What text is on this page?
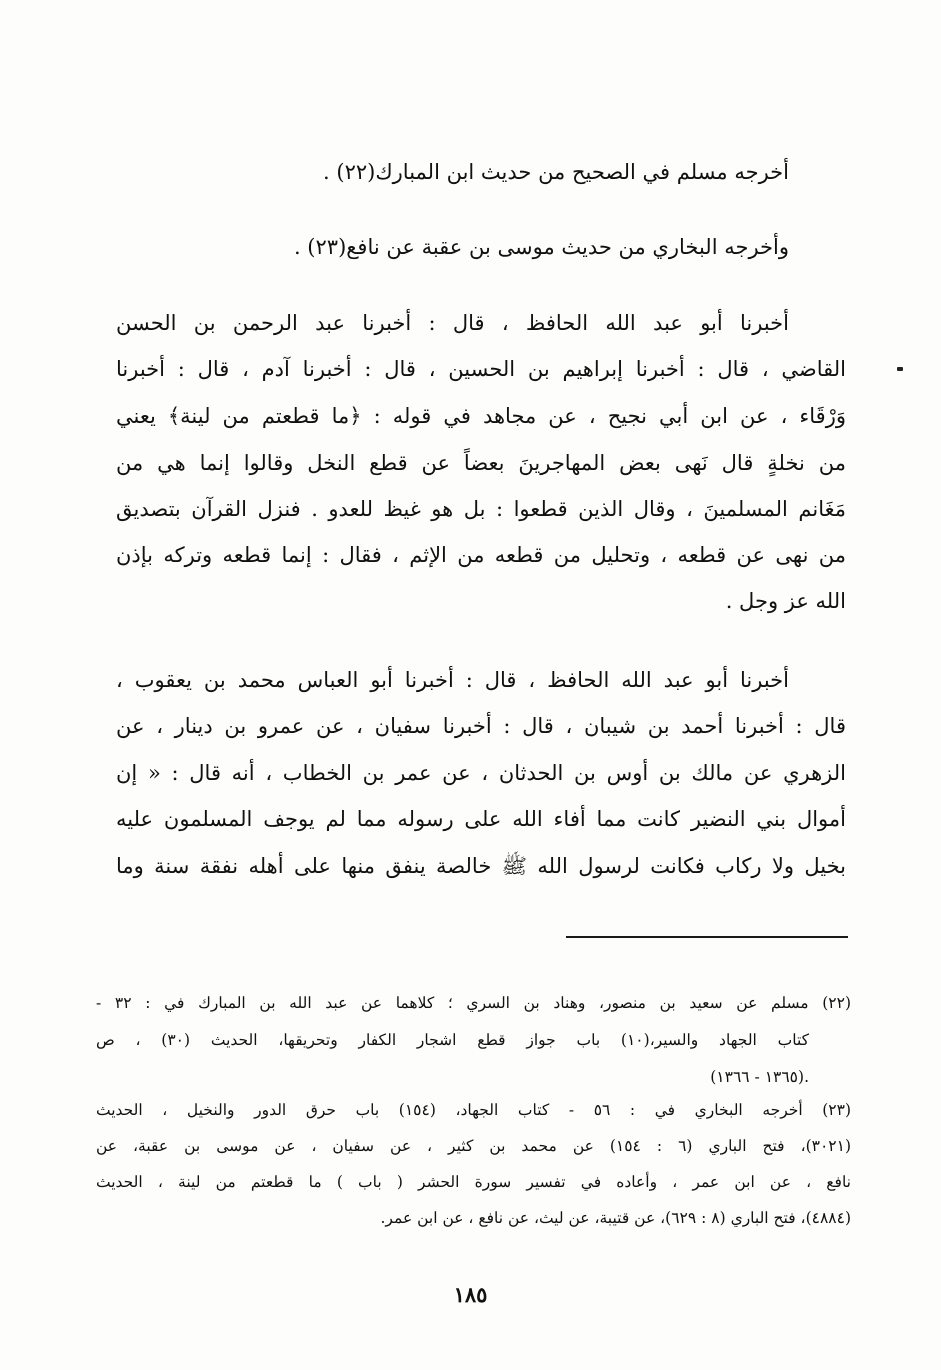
أخرجه مسلم في الصحيح من حديث ابن المبارك(٢٢) .
وأخرجه البخاري من حديث موسى بن عقبة عن نافع(٢٣) .
أخبرنا أبو عبد الله الحافظ ، قال : أخبرنا عبد الرحمن بن الحسن
القاضي ، قال : أخبرنا إبراهيم بن الحسين ، قال : أخبرنا آدم ، قال : أخبرنا
وَرْقَاء ، عن ابن أبي نجيح ، عن مجاهد في قوله : ﴿ما قطعتم من لينة﴾ يعني
من نخلةٍ قال نَهى بعض المهاجرينَ بعضاً عن قطع النخل وقالوا إنما هي من
مَغَانم المسلمينَ ، وقال الذين قطعوا : بل هو غيظ للعدو . فنزل القرآن بتصديق
من نهى عن قطعه ، وتحليل من قطعه من الإثم ، فقال : إنما قطعه وتركه بإذن
الله عز وجل .
أخبرنا أبو عبد الله الحافظ ، قال : أخبرنا أبو العباس محمد بن يعقوب ،
قال : أخبرنا أحمد بن شيبان ، قال : أخبرنا سفيان ، عن عمرو بن دينار ، عن
الزهري عن مالك بن أوس بن الحدثان ، عن عمر بن الخطاب ، أنه قال : « إن
أموال بني النضير كانت مما أفاء الله على رسوله مما لم يوجف المسلمون عليه
بخيل ولا ركاب فكانت لرسول الله ﷺ خالصة ينفق منها على أهله نفقة سنة وما
(٢٢) مسلم عن سعيد بن منصور، وهناد بن السري ؛ كلاهما عن عبد الله بن المبارك في : ٣٢ -
كتاب الجهاد والسير،(١٠) باب جواز قطع اشجار الكفار وتحريقها، الحديث (٣٠) ، ص
(١٣٦٥ - ١٣٦٦).
(٢٣) أخرجه البخاري في : ٥٦ - كتاب الجهاد، (١٥٤) باب حرق الدور والنخيل ، الحديث
(٣٠٢١)، فتح الباري (٦ : ١٥٤) عن محمد بن كثير ، عن سفيان ، عن موسى بن عقبة، عن
نافع ، عن ابن عمر ، وأعاده في تفسير سورة الحشر ( باب ) ما قطعتم من لينة ، الحديث
(٤٨٨٤)، فتح الباري (٨ : ٦٢٩)، عن قتيبة، عن ليث، عن نافع ، عن ابن عمر.
١٨٥
